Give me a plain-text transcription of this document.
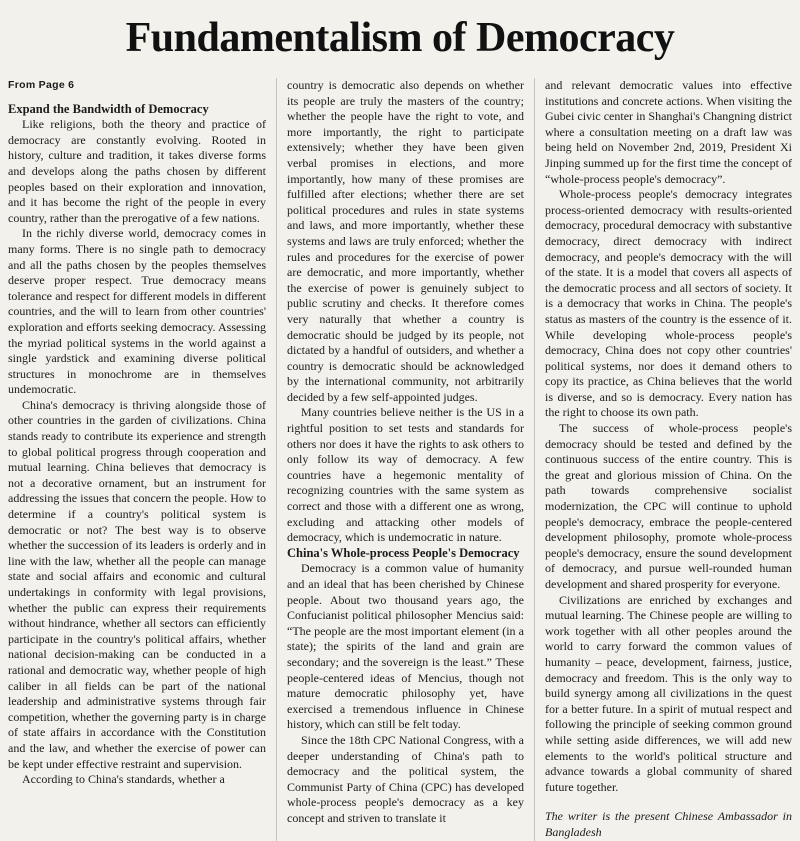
Fundamentalism of Democracy
From Page 6
Expand the Bandwidth of Democracy

Like religions, both the theory and practice of democracy are constantly evolving. Rooted in history, culture and tradition, it takes diverse forms and develops along the paths chosen by different peoples based on their exploration and innovation, and it has become the right of the people in every country, rather than the prerogative of a few nations.

In the richly diverse world, democracy comes in many forms. There is no single path to democracy and all the paths chosen by the peoples themselves deserve proper respect. True democracy means tolerance and respect for different models in different countries, and the will to learn from other countries' exploration and efforts seeking democracy. Assessing the myriad political systems in the world against a single yardstick and examining diverse political structures in monochrome are in themselves undemocratic.

China's democracy is thriving alongside those of other countries in the garden of civilizations. China stands ready to contribute its experience and strength to global political progress through cooperation and mutual learning. China believes that democracy is not a decorative ornament, but an instrument for addressing the issues that concern the people. How to determine if a country's political system is democratic or not? The best way is to observe whether the succession of its leaders is orderly and in line with the law, whether all the people can manage state and social affairs and economic and cultural undertakings in conformity with legal provisions, whether the public can express their requirements without hindrance, whether all sectors can efficiently participate in the country's political affairs, whether national decision-making can be conducted in a rational and democratic way, whether people of high caliber in all fields can be part of the national leadership and administrative systems through fair competition, whether the governing party is in charge of state affairs in accordance with the Constitution and the law, and whether the exercise of power can be kept under effective restraint and supervision.

According to China's standards, whether a

country is democratic also depends on whether its people are truly the masters of the country; whether the people have the right to vote, and more importantly, the right to participate extensively; whether they have been given verbal promises in elections, and more importantly, how many of these promises are fulfilled after elections; whether there are set political procedures and rules in state systems and laws, and more importantly, whether these systems and laws are truly enforced; whether the rules and procedures for the exercise of power are democratic, and more importantly, whether the exercise of power is genuinely subject to public scrutiny and checks. It therefore comes very naturally that whether a country is democratic should be judged by its people, not dictated by a handful of outsiders, and whether a country is democratic should be acknowledged by the international community, not arbitrarily decided by a few self-appointed judges.

Many countries believe neither is the US in a rightful position to set tests and standards for others nor does it have the rights to ask others to only follow its way of democracy. A few countries have a hegemonic mentality of recognizing countries with the same system as correct and those with a different one as wrong, excluding and attacking other models of democracy, which is undemocratic in nature.

China's Whole-process People's Democracy

Democracy is a common value of humanity and an ideal that has been cherished by Chinese people. About two thousand years ago, the Confucianist political philosopher Mencius said: “The people are the most important element (in a state); the spirits of the land and grain are secondary; and the sovereign is the least.” These people-centered ideas of Mencius, though not mature democratic philosophy yet, have exercised a tremendous influence in Chinese history, which can still be felt today.

Since the 18th CPC National Congress, with a deeper understanding of China's path to democracy and the political system, the Communist Party of China (CPC) has developed whole-process people's democracy as a key concept and striven to translate it

and relevant democratic values into effective institutions and concrete actions. When visiting the Gubei civic center in Shanghai's Changning district where a consultation meeting on a draft law was being held on November 2nd, 2019, President Xi Jinping summed up for the first time the concept of “whole-process people's democracy”.

Whole-process people's democracy integrates process-oriented democracy with results-oriented democracy, procedural democracy with substantive democracy, direct democracy with indirect democracy, and people's democracy with the will of the state. It is a model that covers all aspects of the democratic process and all sectors of society. It is a democracy that works in China. The people's status as masters of the country is the essence of it. While developing whole-process people's democracy, China does not copy other countries' political systems, nor does it demand others to copy its practice, as China believes that the world is diverse, and so is democracy. Every nation has the right to choose its own path.

The success of whole-process people's democracy should be tested and defined by the continuous success of the entire country. This is the great and glorious mission of China. On the path towards comprehensive socialist modernization, the CPC will continue to uphold people's democracy, embrace the people-centered development philosophy, promote whole-process people's democracy, ensure the sound development of democracy, and pursue well-rounded human development and shared prosperity for everyone.

Civilizations are enriched by exchanges and mutual learning. The Chinese people are willing to work together with all other peoples around the world to carry forward the common values of humanity – peace, development, fairness, justice, democracy and freedom. This is the only way to build synergy among all civilizations in the quest for a better future. In a spirit of mutual respect and following the principle of seeking common ground while setting aside differences, we will add new elements to the world's political structure and advance towards a global community of shared future together.

The writer is the present Chinese Ambassador in Bangladesh
